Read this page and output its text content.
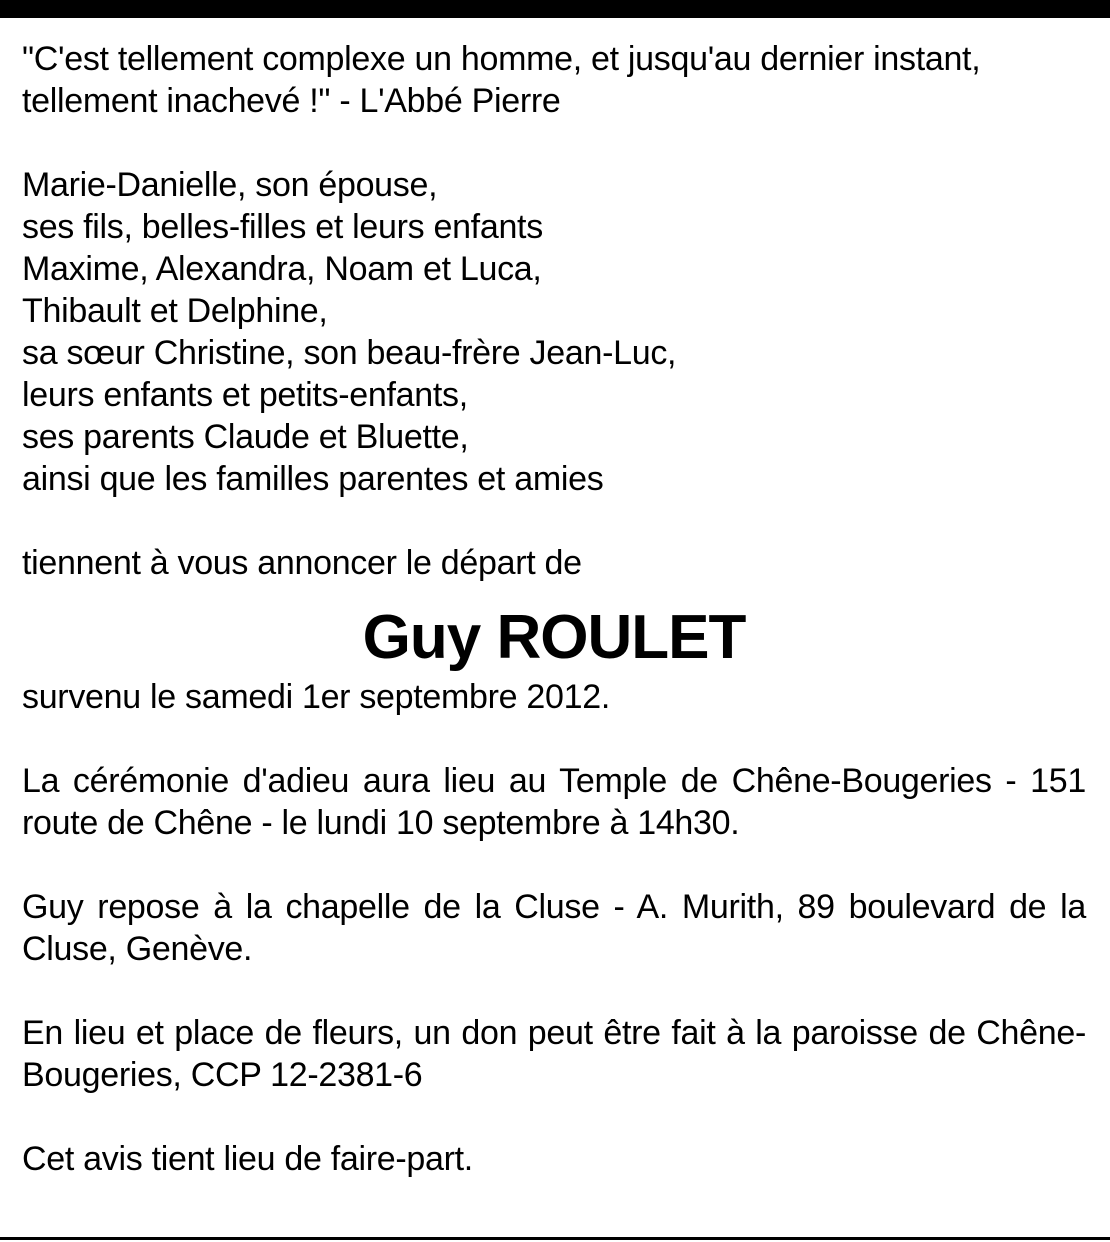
"C'est tellement complexe un homme, et jusqu'au dernier instant,
tellement inachevé !" - L'Abbé Pierre
Marie-Danielle, son épouse,
ses fils, belles-filles et leurs enfants
Maxime, Alexandra, Noam et Luca,
Thibault et Delphine,
sa sœur Christine, son beau-frère Jean-Luc,
leurs enfants et petits-enfants,
ses parents Claude et Bluette,
ainsi que les familles parentes et amies
tiennent à vous annoncer le départ de
Guy ROULET
survenu le samedi 1er septembre 2012.
La cérémonie d'adieu aura lieu au Temple de Chêne-Bougeries - 151 route de Chêne - le lundi 10 septembre à 14h30.
Guy repose à la chapelle de la Cluse - A. Murith, 89 boulevard de la Cluse, Genève.
En lieu et place de fleurs, un don peut être fait à la paroisse de Chêne-Bougeries, CCP 12-2381-6
Cet avis tient lieu de faire-part.
